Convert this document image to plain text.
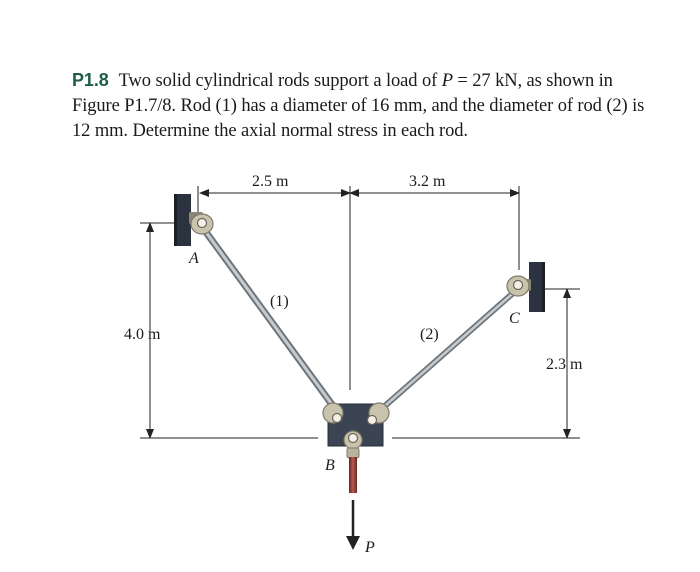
P1.8 Two solid cylindrical rods support a load of P = 27 kN, as shown in Figure P1.7/8. Rod (1) has a diameter of 16 mm, and the diameter of rod (2) is 12 mm. Determine the axial normal stress in each rod.
2.5 m	3.2 m
4.0 m
2.3 m
A
B
C
P
(1)
(2)
